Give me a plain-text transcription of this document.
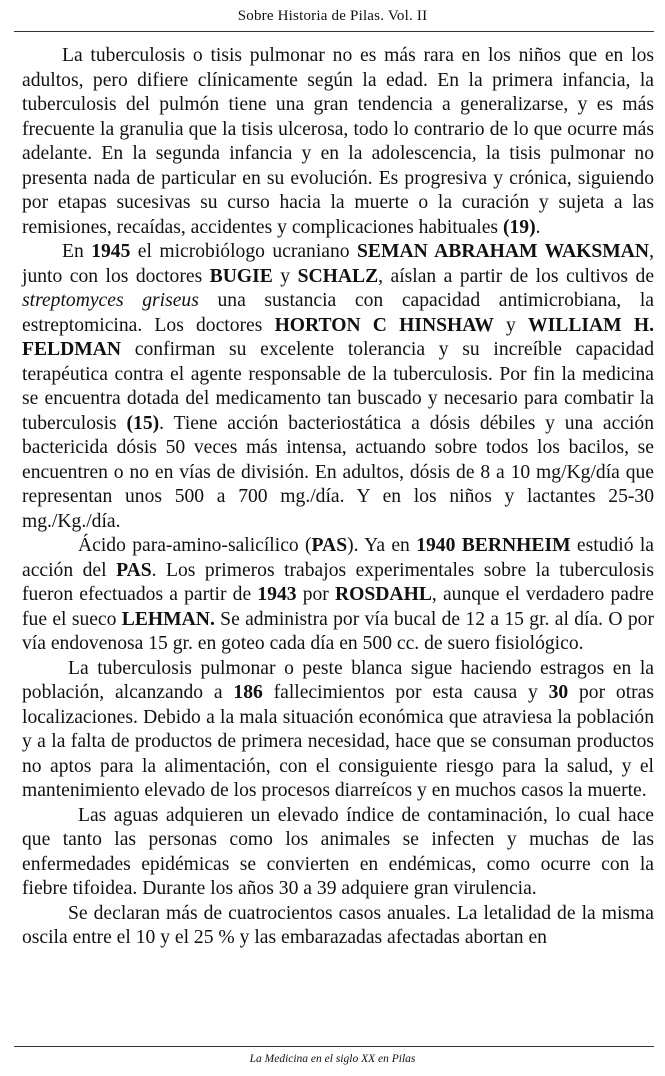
Sobre Historia de Pilas. Vol. II

La tuberculosis o tisis pulmonar no es más rara en los niños que en los adultos, pero difiere clínicamente según la edad. En la primera infancia, la tuberculosis del pulmón tiene una gran tendencia a generalizarse, y es más frecuente la granulia que la tisis ulcerosa, todo lo contrario de lo que ocurre más adelante. En la segunda infancia y en la adolescencia, la tisis pulmonar no presenta nada de particular en su evolución. Es progresiva y crónica, siguiendo por etapas sucesivas su curso hacia la muerte o la curación y sujeta a las remisiones, recaídas, accidentes y complicaciones habituales (19).

En 1945 el microbiólogo ucraniano SEMAN ABRAHAM WAKSMAN, junto con los doctores BUGIE y SCHALZ, aíslan a partir de los cultivos de streptomyces griseus una sustancia con capacidad antimicrobiana, la estreptomicina. Los doctores HORTON C HINSHAW y WILLIAM H. FELDMAN confirman su excelente tolerancia y su increíble capacidad terapéutica contra el agente responsable de la tuberculosis. Por fin la medicina se encuentra dotada del medicamento tan buscado y necesario para combatir la tuberculosis (15). Tiene acción bacteriostática a dósis débiles y una acción bactericida dósis 50 veces más intensa, actuando sobre todos los bacilos, se encuentren o no en vías de división. En adultos, dósis de 8 a 10 mg/Kg/día que representan unos 500 a 700 mg./día. Y en los niños y lactantes 25-30 mg./Kg./día.

Ácido para-amino-salicílico (PAS). Ya en 1940 BERNHEIM estudió la acción del PAS. Los primeros trabajos experimentales sobre la tuberculosis fueron efectuados a partir de 1943 por ROSDAHL, aunque el verdadero padre fue el sueco LEHMAN. Se administra por vía bucal de 12 a 15 gr. al día. O por vía endovenosa 15 gr. en goteo cada día en 500 cc. de suero fisiológico.

La tuberculosis pulmonar o peste blanca sigue haciendo estragos en la población, alcanzando a 186 fallecimientos por esta causa y 30 por otras localizaciones. Debido a la mala situación económica que atraviesa la población y a la falta de productos de primera necesidad, hace que se consuman productos no aptos para la alimentación, con el consiguiente riesgo para la salud, y el mantenimiento elevado de los procesos diarreícos y en muchos casos la muerte.

Las aguas adquieren un elevado índice de contaminación, lo cual hace que tanto las personas como los animales se infecten y muchas de las enfermedades epidémicas se convierten en endémicas, como ocurre con la fiebre tifoidea. Durante los años 30 a 39 adquiere gran virulencia.

Se declaran más de cuatrocientos casos anuales. La letalidad de la misma oscila entre el 10 y el 25 % y las embarazadas afectadas abortan en

La Medicina en el siglo XX en Pilas
